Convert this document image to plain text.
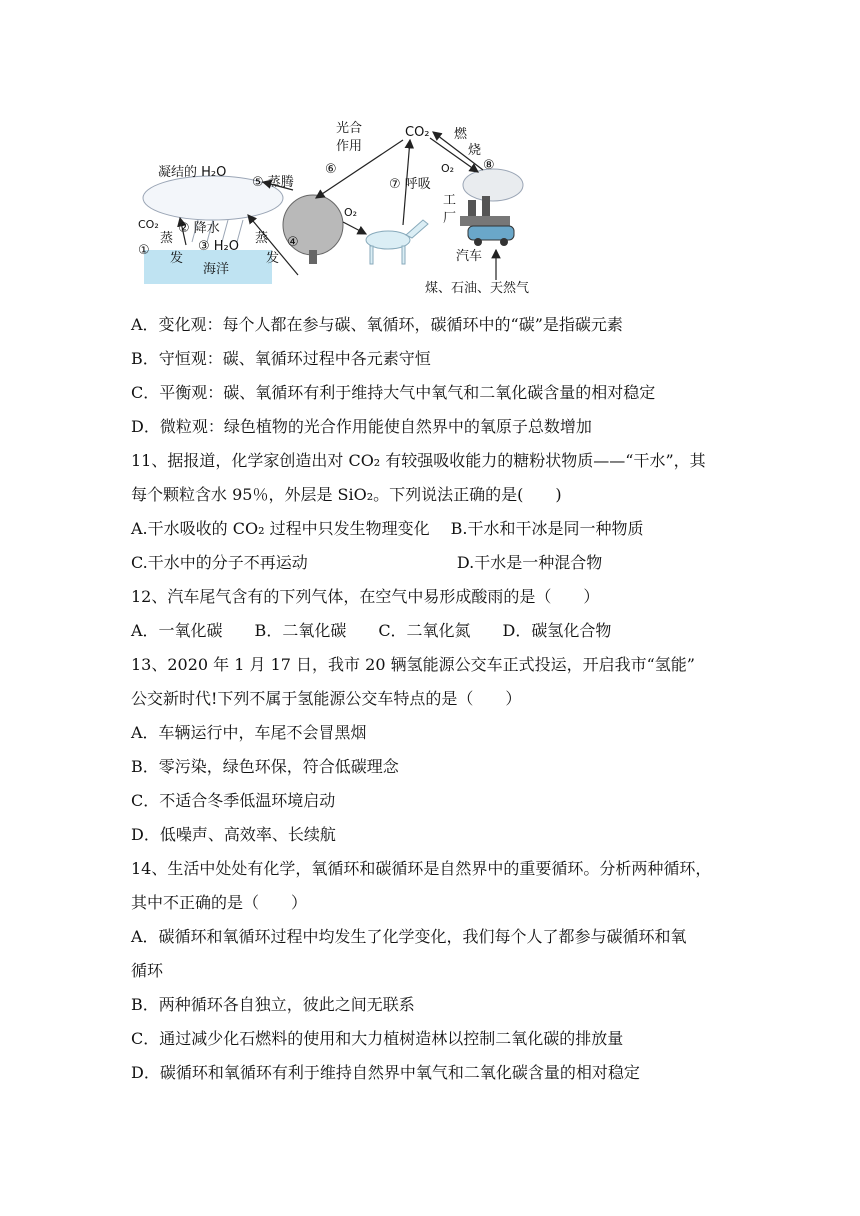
CO₂
光合
作用
燃
烧
⑥	⑧
⑦ 呼吸
O₂
O₂
凝结的 H₂O
⑤ 蒸腾
CO₂ ② 降水
①	③ H₂O
蒸
发
蒸
发
④
海洋
工
厂
汽车
煤、石油、天然气
A．变化观：每个人都在参与碳、氧循环，碳循环中的“碳”是指碳元素
B．守恒观：碳、氧循环过程中各元素守恒
C．平衡观：碳、氧循环有利于维持大气中氧气和二氧化碳含量的相对稳定
D．微粒观：绿色植物的光合作用能使自然界中的氧原子总数增加
11、据报道，化学家创造出对 CO₂ 有较强吸收能力的糖粉状物质——“干水”，其
每个颗粒含水 95％，外层是 SiO₂。下列说法正确的是(　　)
A.干水吸收的 CO₂ 过程中只发生物理变化　 B.干水和干冰是同一种物质
C.干水中的分子不再运动　　　　　　　　　 D.干水是一种混合物
12、汽车尾气含有的下列气体，在空气中易形成酸雨的是（　　）
A．一氧化碳　　B．二氧化碳　　C．二氧化氮　　D．碳氢化合物
13、2020 年 1 月 17 日，我市 20 辆氢能源公交车正式投运，开启我市“氢能”
公交新时代!下列不属于氢能源公交车特点的是（　　）
A．车辆运行中，车尾不会冒黑烟
B．零污染，绿色环保，符合低碳理念
C．不适合冬季低温环境启动
D．低噪声、高效率、长续航
14、生活中处处有化学，氧循环和碳循环是自然界中的重要循环。分析两种循环，
其中不正确的是（　　）
A．碳循环和氧循环过程中均发生了化学变化，我们每个人了都参与碳循环和氧
循环
B．两种循环各自独立，彼此之间无联系
C．通过减少化石燃料的使用和大力植树造林以控制二氧化碳的排放量
D．碳循环和氧循环有利于维持自然界中氧气和二氧化碳含量的相对稳定
